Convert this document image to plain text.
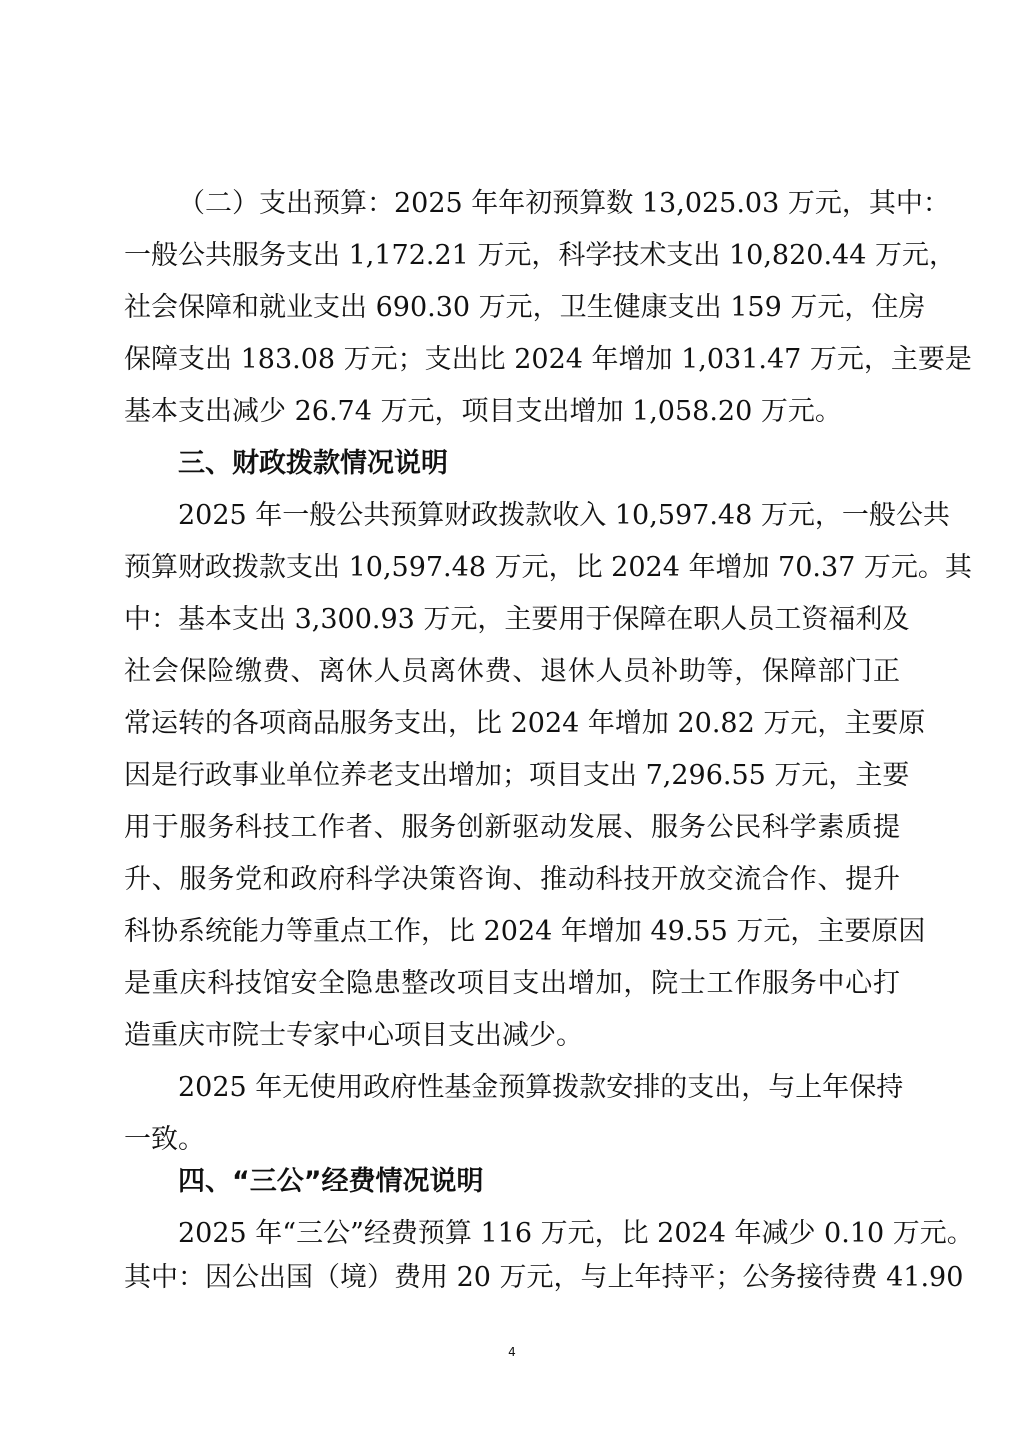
（二）支出预算：2025 年年初预算数 13,025.03 万元，其中：
一般公共服务支出 1,172.21 万元，科学技术支出 10,820.44 万元，
社会保障和就业支出 690.30 万元，卫生健康支出 159 万元，住房
保障支出 183.08 万元；支出比 2024 年增加 1,031.47 万元，主要是
基本支出减少 26.74 万元，项目支出增加 1,058.20 万元。
三、财政拨款情况说明
2025 年一般公共预算财政拨款收入 10,597.48 万元，一般公共
预算财政拨款支出 10,597.48 万元，比 2024 年增加 70.37 万元。其
中：基本支出 3,300.93 万元，主要用于保障在职人员工资福利及
社会保险缴费、离休人员离休费、退休人员补助等，保障部门正
常运转的各项商品服务支出，比 2024 年增加 20.82 万元，主要原
因是行政事业单位养老支出增加；项目支出 7,296.55 万元，主要
用于服务科技工作者、服务创新驱动发展、服务公民科学素质提
升、服务党和政府科学决策咨询、推动科技开放交流合作、提升
科协系统能力等重点工作，比 2024 年增加 49.55 万元，主要原因
是重庆科技馆安全隐患整改项目支出增加，院士工作服务中心打
造重庆市院士专家中心项目支出减少。
2025 年无使用政府性基金预算拨款安排的支出，与上年保持
一致。
四、“三公”经费情况说明
2025 年“三公”经费预算 116 万元，比 2024 年减少 0.10 万元。
其中：因公出国（境）费用 20 万元，与上年持平；公务接待费 41.90
4
